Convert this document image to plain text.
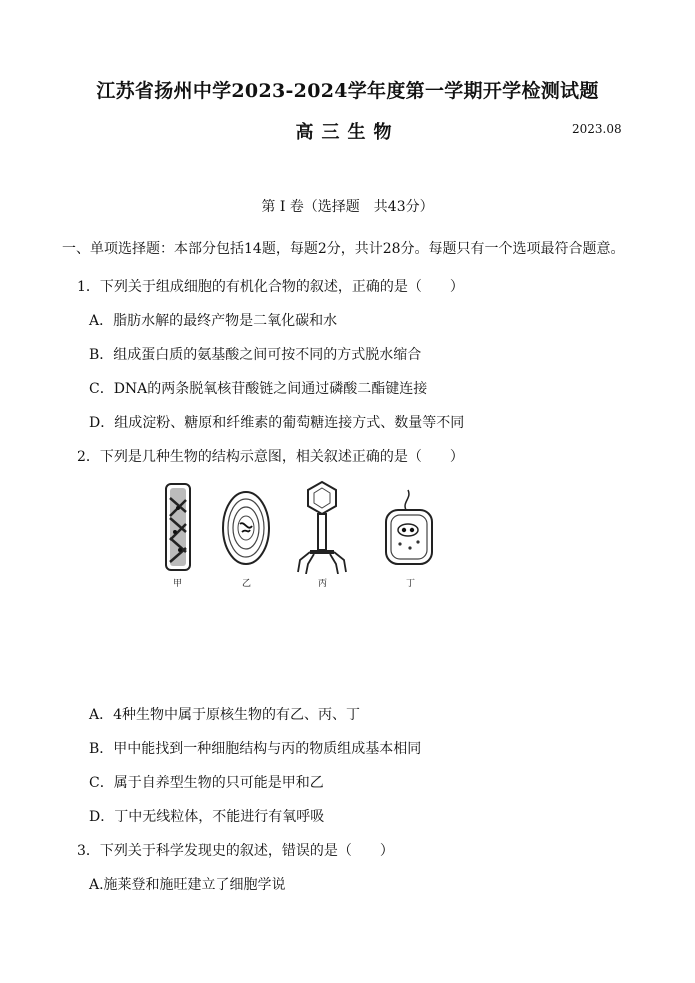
江苏省扬州中学2023-2024学年度第一学期开学检测试题
高三生物	2023.08
第 I 卷（选择题　共43分）
一、单项选择题：本部分包括14题，每题2分，共计28分。每题只有一个选项最符合题意。
1．下列关于组成细胞的有机化合物的叙述，正确的是（　　）
A．脂肪水解的最终产物是二氧化碳和水
B．组成蛋白质的氨基酸之间可按不同的方式脱水缩合
C．DNA的两条脱氧核苷酸链之间通过磷酸二酯键连接
D．组成淀粉、糖原和纤维素的葡萄糖连接方式、数量等不同
2．下列是几种生物的结构示意图，相关叙述正确的是（　　）
甲	乙	丙	丁
A．4种生物中属于原核生物的有乙、丙、丁
B．甲中能找到一种细胞结构与丙的物质组成基本相同
C．属于自养型生物的只可能是甲和乙
D．丁中无线粒体，不能进行有氧呼吸
3．下列关于科学发现史的叙述，错误的是（　　）
A.施莱登和施旺建立了细胞学说
